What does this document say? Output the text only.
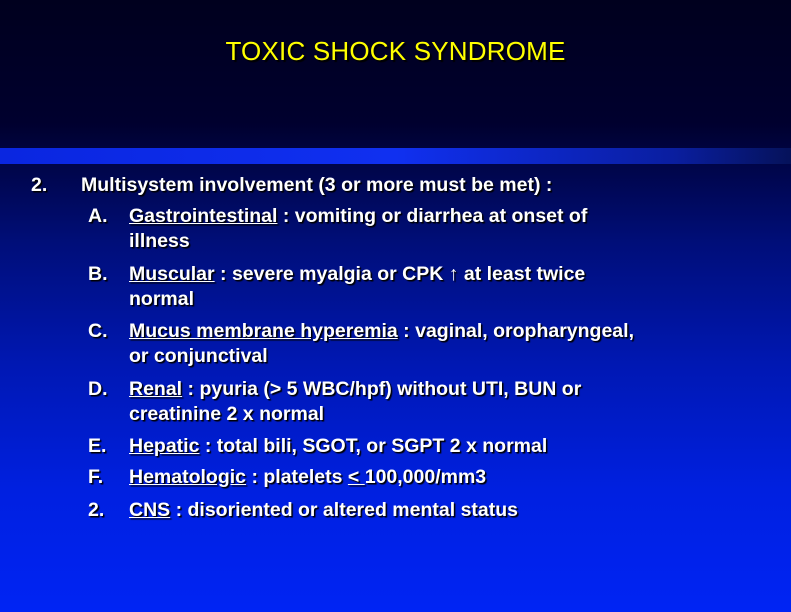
TOXIC SHOCK SYNDROME
2. Multisystem involvement (3 or more must be met) :
A. Gastrointestinal : vomiting or diarrhea at onset of
illness
B. Muscular : severe myalgia or CPK ↑ at least twice
normal
C. Mucus membrane hyperemia : vaginal, oropharyngeal,
or conjunctival
D. Renal : pyuria (> 5 WBC/hpf) without UTI, BUN or
creatinine 2 x normal
E. Hepatic : total bili, SGOT, or SGPT 2 x normal
F. Hematologic : platelets < 100,000/mm3
2. CNS : disoriented or altered mental status
